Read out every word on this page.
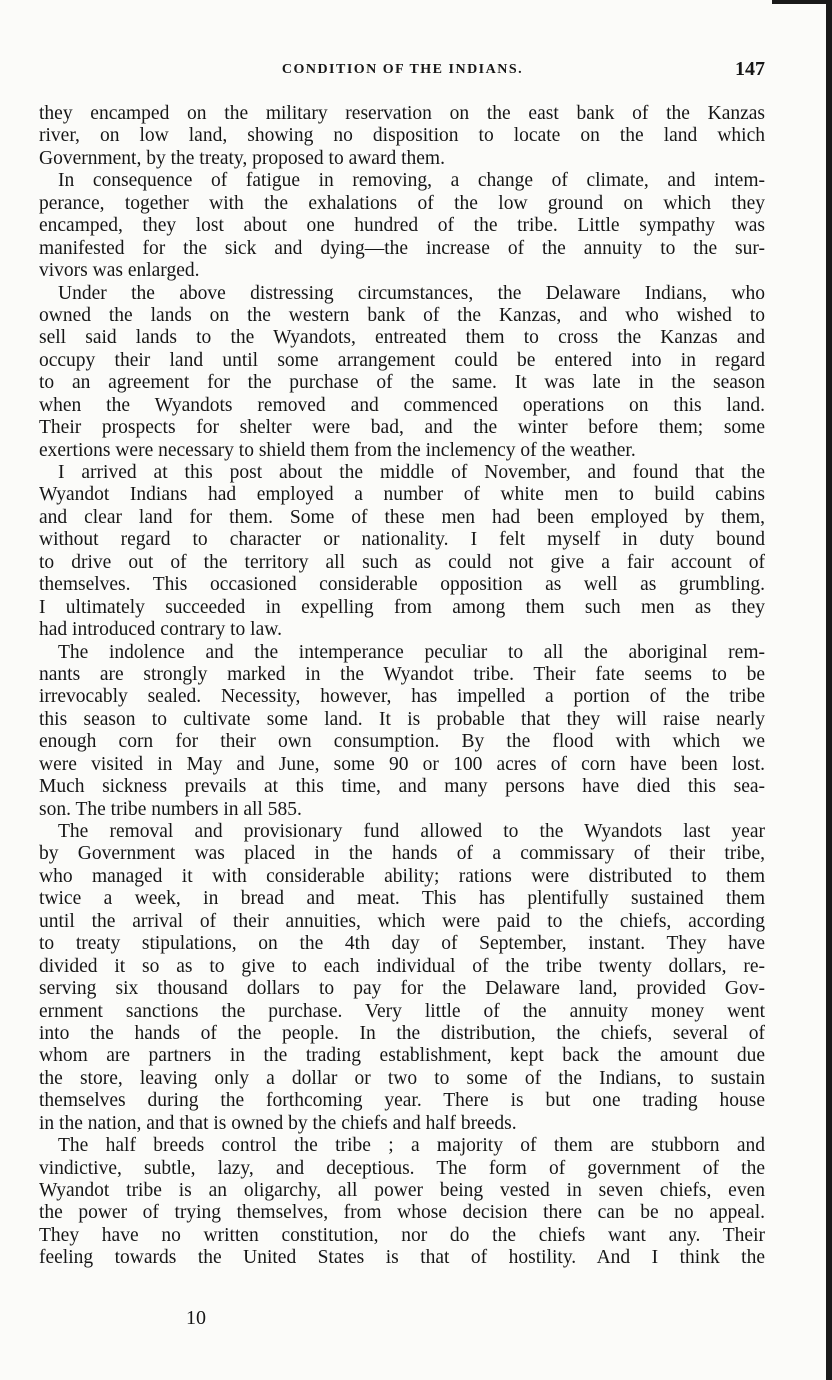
CONDITION OF THE INDIANS.	147
they encamped on the military reservation on the east bank of the Kanzas
river, on low land, showing no disposition to locate on the land which
Government, by the treaty, proposed to award them.
In consequence of fatigue in removing, a change of climate, and intem-
perance, together with the exhalations of the low ground on which they
encamped, they lost about one hundred of the tribe. Little sympathy was
manifested for the sick and dying—the increase of the annuity to the sur-
vivors was enlarged.
Under the above distressing circumstances, the Delaware Indians, who
owned the lands on the western bank of the Kanzas, and who wished to
sell said lands to the Wyandots, entreated them to cross the Kanzas and
occupy their land until some arrangement could be entered into in regard
to an agreement for the purchase of the same. It was late in the season
when the Wyandots removed and commenced operations on this land.
Their prospects for shelter were bad, and the winter before them; some
exertions were necessary to shield them from the inclemency of the weather.
I arrived at this post about the middle of November, and found that the
Wyandot Indians had employed a number of white men to build cabins
and clear land for them. Some of these men had been employed by them,
without regard to character or nationality. I felt myself in duty bound
to drive out of the territory all such as could not give a fair account of
themselves. This occasioned considerable opposition as well as grumbling.
I ultimately succeeded in expelling from among them such men as they
had introduced contrary to law.
The indolence and the intemperance peculiar to all the aboriginal rem-
nants are strongly marked in the Wyandot tribe. Their fate seems to be
irrevocably sealed. Necessity, however, has impelled a portion of the tribe
this season to cultivate some land. It is probable that they will raise nearly
enough corn for their own consumption. By the flood with which we
were visited in May and June, some 90 or 100 acres of corn have been lost.
Much sickness prevails at this time, and many persons have died this sea-
son. The tribe numbers in all 585.
The removal and provisionary fund allowed to the Wyandots last year
by Government was placed in the hands of a commissary of their tribe,
who managed it with considerable ability; rations were distributed to them
twice a week, in bread and meat. This has plentifully sustained them
until the arrival of their annuities, which were paid to the chiefs, according
to treaty stipulations, on the 4th day of September, instant. They have
divided it so as to give to each individual of the tribe twenty dollars, re-
serving six thousand dollars to pay for the Delaware land, provided Gov-
ernment sanctions the purchase. Very little of the annuity money went
into the hands of the people. In the distribution, the chiefs, several of
whom are partners in the trading establishment, kept back the amount due
the store, leaving only a dollar or two to some of the Indians, to sustain
themselves during the forthcoming year. There is but one trading house
in the nation, and that is owned by the chiefs and half breeds.
The half breeds control the tribe ; a majority of them are stubborn and
vindictive, subtle, lazy, and deceptious. The form of government of the
Wyandot tribe is an oligarchy, all power being vested in seven chiefs, even
the power of trying themselves, from whose decision there can be no appeal.
They have no written constitution, nor do the chiefs want any. Their
feeling towards the United States is that of hostility. And I think the
10
